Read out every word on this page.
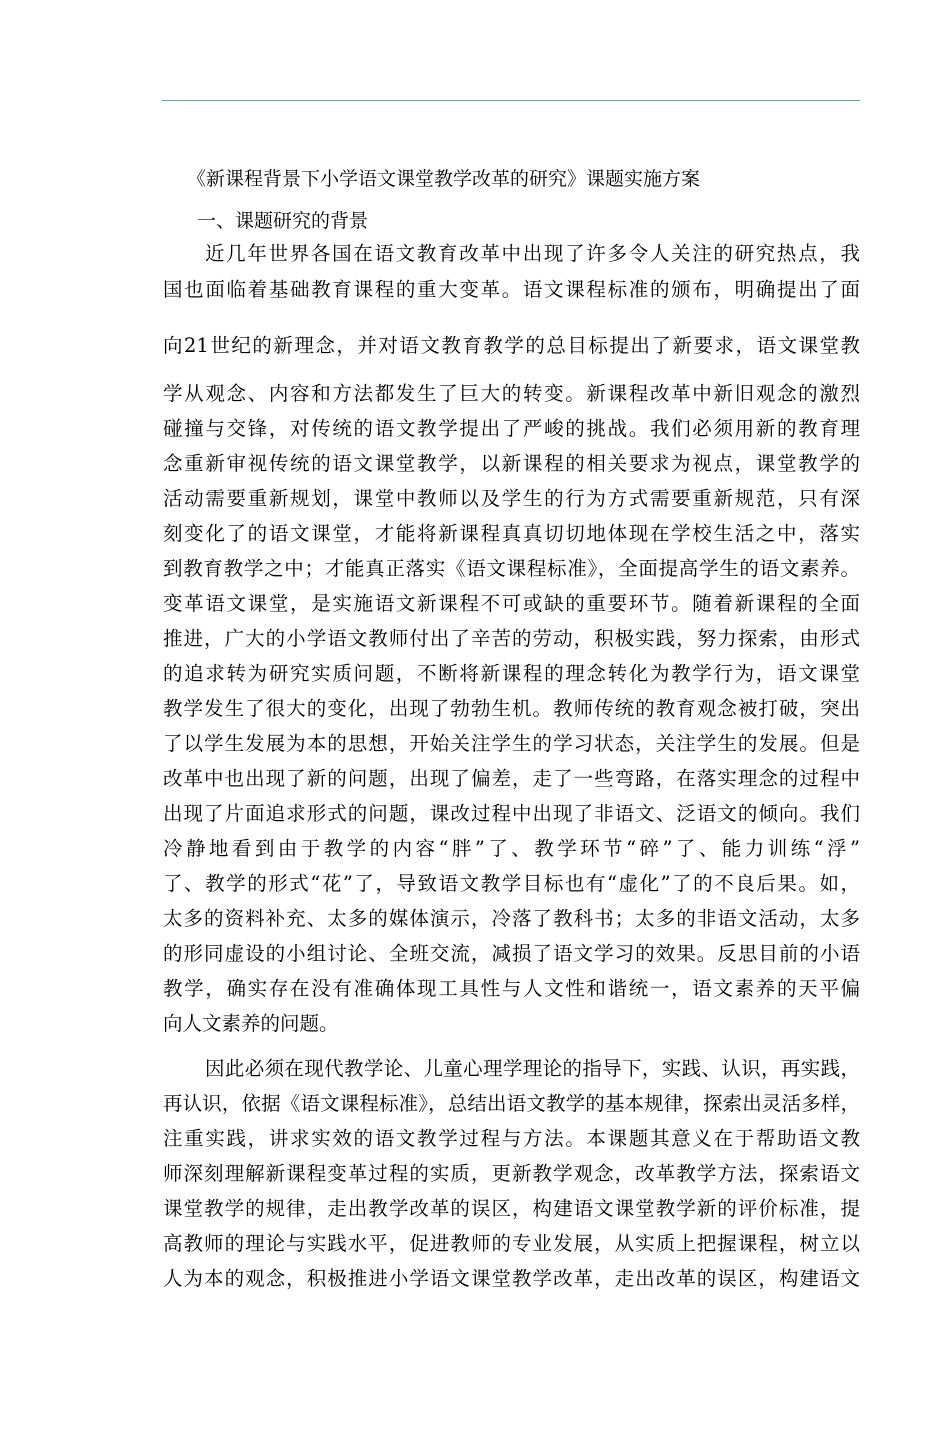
《新课程背景下小学语文课堂教学改革的研究》课题实施方案
一、课题研究的背景
近几年世界各国在语文教育改革中出现了许多令人关注的研究热点，我
国也面临着基础教育课程的重大变革。语文课程标准的颁布，明确提出了面
向21世纪的新理念，并对语文教育教学的总目标提出了新要求，语文课堂教
学从观念、内容和方法都发生了巨大的转变。新课程改革中新旧观念的激烈
碰撞与交锋，对传统的语文教学提出了严峻的挑战。我们必须用新的教育理
念重新审视传统的语文课堂教学，以新课程的相关要求为视点，课堂教学的
活动需要重新规划，课堂中教师以及学生的行为方式需要重新规范，只有深
刻变化了的语文课堂，才能将新课程真真切切地体现在学校生活之中，落实
到教育教学之中；才能真正落实《语文课程标准》，全面提高学生的语文素养。
变革语文课堂，是实施语文新课程不可或缺的重要环节。随着新课程的全面
推进，广大的小学语文教师付出了辛苦的劳动，积极实践，努力探索，由形式
的追求转为研究实质问题，不断将新课程的理念转化为教学行为，语文课堂
教学发生了很大的变化，出现了勃勃生机。教师传统的教育观念被打破，突出
了以学生发展为本的思想，开始关注学生的学习状态，关注学生的发展。但是
改革中也出现了新的问题，出现了偏差，走了一些弯路，在落实理念的过程中
出现了片面追求形式的问题，课改过程中出现了非语文、泛语文的倾向。我们
冷静地看到由于教学的内容“胖”了、教学环节“碎”了、能力训练“浮”
了、教学的形式“花”了，导致语文教学目标也有“虚化”了的不良后果。如，
太多的资料补充、太多的媒体演示，冷落了教科书；太多的非语文活动，太多
的形同虚设的小组讨论、全班交流，减损了语文学习的效果。反思目前的小语
教学，确实存在没有准确体现工具性与人文性和谐统一，语文素养的天平偏
向人文素养的问题。
因此必须在现代教学论、儿童心理学理论的指导下，实践、认识，再实践，
再认识，依据《语文课程标准》，总结出语文教学的基本规律，探索出灵活多样，
注重实践，讲求实效的语文教学过程与方法。本课题其意义在于帮助语文教
师深刻理解新课程变革过程的实质，更新教学观念，改革教学方法，探索语文
课堂教学的规律，走出教学改革的误区，构建语文课堂教学新的评价标准，提
高教师的理论与实践水平，促进教师的专业发展，从实质上把握课程，树立以
人为本的观念，积极推进小学语文课堂教学改革，走出改革的误区，构建语文
